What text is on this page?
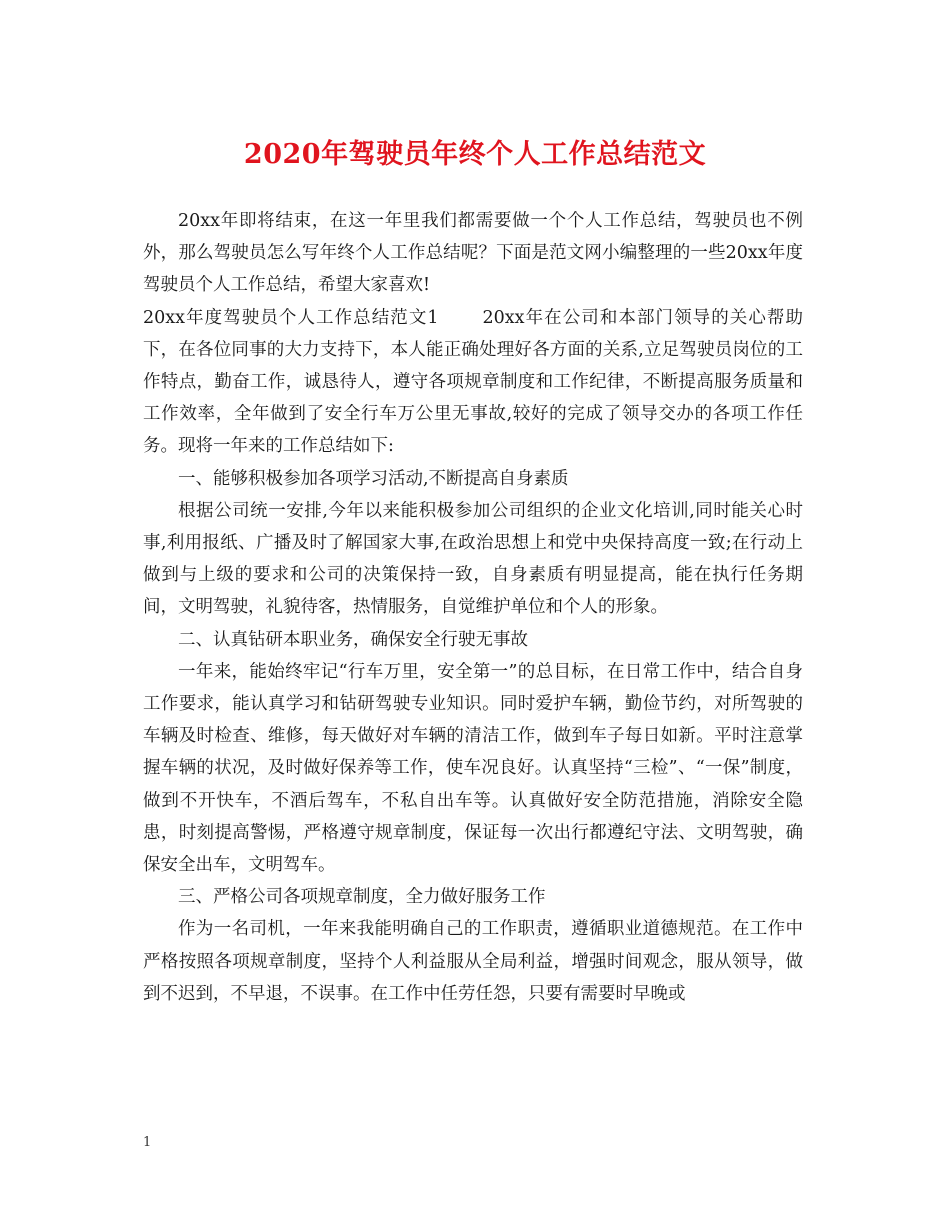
2020年驾驶员年终个人工作总结范文

20xx年即将结束，在这一年里我们都需要做一个个人工作总结，驾驶员也不例外，那么驾驶员怎么写年终个人工作总结呢？下面是范文网小编整理的一些20xx年度驾驶员个人工作总结，希望大家喜欢!

20xx年度驾驶员个人工作总结范文1	20xx年在公司和本部门领导的关心帮助下，在各位同事的大力支持下，本人能正确处理好各方面的关系,立足驾驶员岗位的工作特点，勤奋工作，诚恳待人，遵守各项规章制度和工作纪律，不断提高服务质量和工作效率，全年做到了安全行车万公里无事故,较好的完成了领导交办的各项工作任务。现将一年来的工作总结如下:

一、能够积极参加各项学习活动,不断提高自身素质

根据公司统一安排,今年以来能积极参加公司组织的企业文化培训,同时能关心时事,利用报纸、广播及时了解国家大事,在政治思想上和党中央保持高度一致;在行动上做到与上级的要求和公司的决策保持一致，自身素质有明显提高，能在执行任务期间，文明驾驶，礼貌待客，热情服务，自觉维护单位和个人的形象。

二、认真钻研本职业务，确保安全行驶无事故

一年来，能始终牢记“行车万里，安全第一”的总目标，在日常工作中，结合自身工作要求，能认真学习和钻研驾驶专业知识。同时爱护车辆，勤俭节约，对所驾驶的车辆及时检查、维修，每天做好对车辆的清洁工作，做到车子每日如新。平时注意掌握车辆的状况，及时做好保养等工作，使车况良好。认真坚持“三检”、“一保”制度，做到不开快车，不酒后驾车，不私自出车等。认真做好安全防范措施，消除安全隐患，时刻提高警惕，严格遵守规章制度，保证每一次出行都遵纪守法、文明驾驶，确保安全出车，文明驾车。

三、严格公司各项规章制度，全力做好服务工作

作为一名司机，一年来我能明确自己的工作职责，遵循职业道德规范。在工作中严格按照各项规章制度，坚持个人利益服从全局利益，增强时间观念，服从领导，做到不迟到，不早退，不误事。在工作中任劳任怨，只要有需要时早晚或

1
